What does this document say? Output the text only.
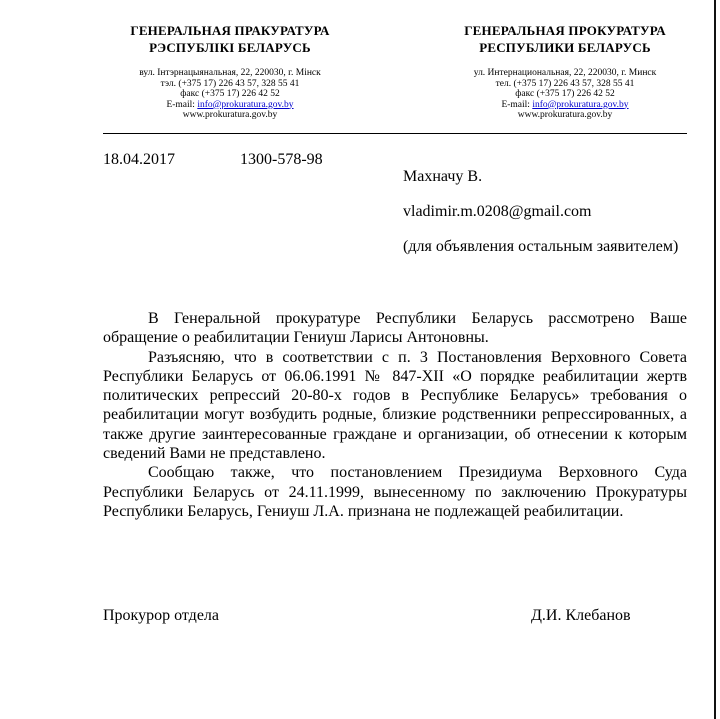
ГЕНЕРАЛЬНАЯ ПРАКУРАТУРА
РЭСПУБЛІКІ БЕЛАРУСЬ
вул. Інтэрнацыянальная, 22, 220030, г. Мінск
тэл. (+375 17) 226 43 57, 328 55 41
факс (+375 17) 226 42 52
E-mail: info@prokuratura.gov.by
www.prokuratura.gov.by
ГЕНЕРАЛЬНАЯ ПРОКУРАТУРА
РЕСПУБЛИКИ БЕЛАРУСЬ
ул. Интернациональная, 22, 220030, г. Минск
тел. (+375 17) 226 43 57, 328 55 41
факс (+375 17) 226 42 52
E-mail: info@prokuratura.gov.by
www.prokuratura.gov.by
18.04.2017	1300-578-98
Махначу В.
vladimir.m.0208@gmail.com
(для объявления остальным заявителем)

В Генеральной прокуратуре Республики Беларусь рассмотрено Ваше обращение о реабилитации Гениуш Ларисы Антоновны.

Разъясняю, что в соответствии с п. 3 Постановления Верховного Совета Республики Беларусь от 06.06.1991 № 847-XII «О порядке реабилитации жертв политических репрессий 20-80-х годов в Республике Беларусь» требования о реабилитации могут возбудить родные, близкие родственники репрессированных, а также другие заинтересованные граждане и организации, об отнесении к которым сведений Вами не представлено.

Сообщаю также, что постановлением Президиума Верховного Суда Республики Беларусь от 24.11.1999, вынесенному по заключению Прокуратуры Республики Беларусь, Гениуш Л.А. признана не подлежащей реабилитации.

Прокурор отдела	Д.И. Клебанов
